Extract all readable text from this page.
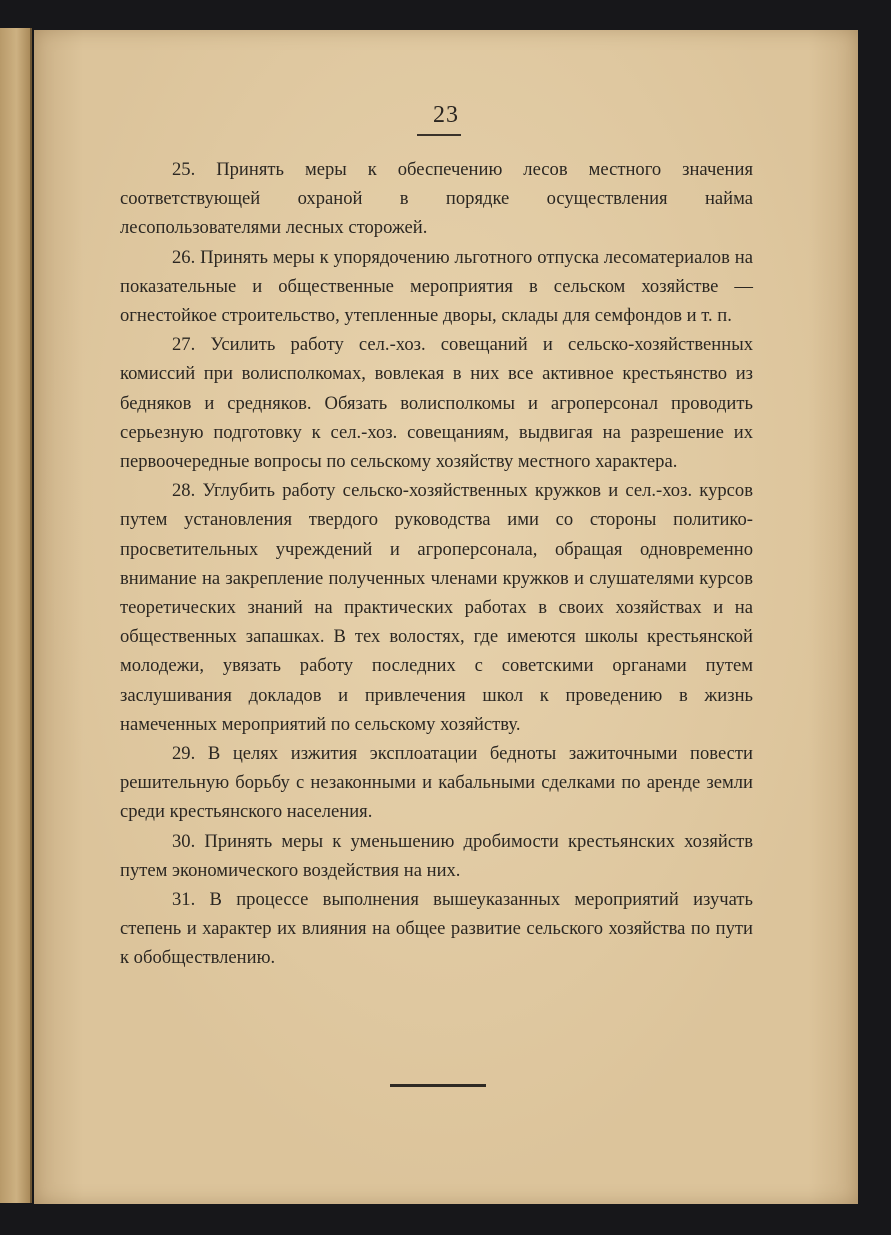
23

25. Принять меры к обеспечению лесов местного значения соответствующей охраной в порядке осуществления найма лесопользователями лесных сторожей.

26. Принять меры к упорядочению льготного отпуска лесоматериалов на показательные и общественные мероприятия в сельском хозяйстве — огнестойкое строительство, утепленные дворы, склады для семфондов и т. п.

27. Усилить работу сел.-хоз. совещаний и сельско-хозяйственных комиссий при волисполкомах, вовлекая в них все активное крестьянство из бедняков и средняков. Обязать волисполкомы и агроперсонал проводить серьезную подготовку к сел.-хоз. совещаниям, выдвигая на разрешение их первоочередные вопросы по сельскому хозяйству местного характера.

28. Углубить работу сельско-хозяйственных кружков и сел.-хоз. курсов путем установления твердого руководства ими со стороны политико-просветительных учреждений и агроперсонала, обращая одновременно внимание на закрепление полученных членами кружков и слушателями курсов теоретических знаний на практических работах в своих хозяйствах и на общественных запашках. В тех волостях, где имеются школы крестьянской молодежи, увязать работу последних с советскими органами путем заслушивания докладов и привлечения школ к проведению в жизнь намеченных мероприятий по сельскому хозяйству.

29. В целях изжития эксплоатации бедноты зажиточными повести решительную борьбу с незаконными и кабальными сделками по аренде земли среди крестьянского населения.

30. Принять меры к уменьшению дробимости крестьянских хозяйств путем экономического воздействия на них.

31. В процессе выполнения вышеуказанных мероприятий изучать степень и характер их влияния на общее развитие сельского хозяйства по пути к обобществлению.
